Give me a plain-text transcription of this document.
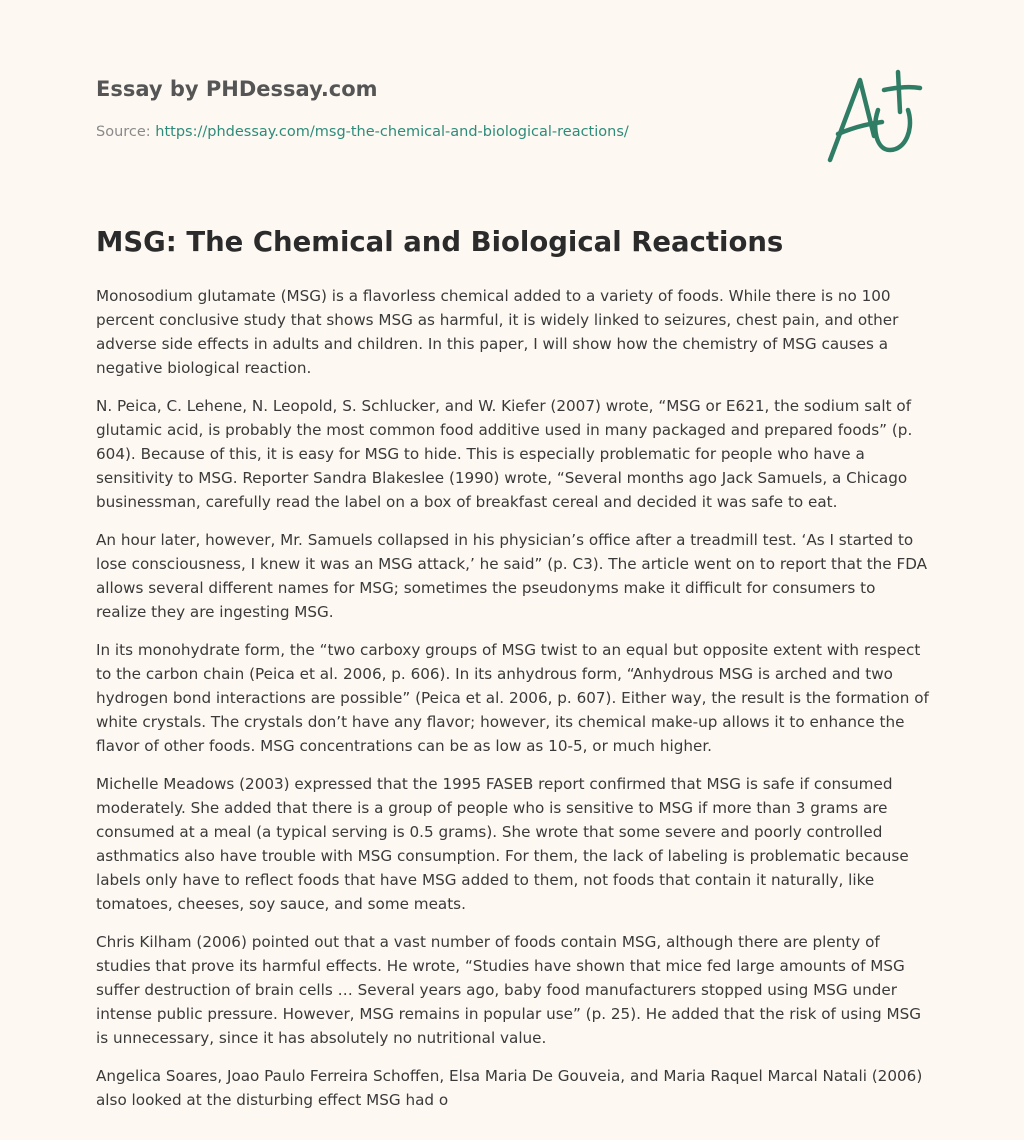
Essay by PHDessay.com
Source: https://phdessay.com/msg-the-chemical-and-biological-reactions/
MSG: The Chemical and Biological Reactions

Monosodium glutamate (MSG) is a flavorless chemical added to a variety of foods. While there is no 100 percent conclusive study that shows MSG as harmful, it is widely linked to seizures, chest pain, and other adverse side effects in adults and children. In this paper, I will show how the chemistry of MSG causes a negative biological reaction.

N. Peica, C. Lehene, N. Leopold, S. Schlucker, and W. Kiefer (2007) wrote, “MSG or E621, the sodium salt of glutamic acid, is probably the most common food additive used in many packaged and prepared foods” (p. 604). Because of this, it is easy for MSG to hide. This is especially problematic for people who have a sensitivity to MSG. Reporter Sandra Blakeslee (1990) wrote, “Several months ago Jack Samuels, a Chicago businessman, carefully read the label on a box of breakfast cereal and decided it was safe to eat.

An hour later, however, Mr. Samuels collapsed in his physician’s office after a treadmill test. ‘As I started to lose consciousness, I knew it was an MSG attack,’ he said” (p. C3). The article went on to report that the FDA allows several different names for MSG; sometimes the pseudonyms make it difficult for consumers to realize they are ingesting MSG.

In its monohydrate form, the “two carboxy groups of MSG twist to an equal but opposite extent with respect to the carbon chain (Peica et al. 2006, p. 606). In its anhydrous form, “Anhydrous MSG is arched and two hydrogen bond interactions are possible” (Peica et al. 2006, p. 607). Either way, the result is the formation of white crystals. The crystals don’t have any flavor; however, its chemical make-up allows it to enhance the flavor of other foods. MSG concentrations can be as low as 10-5, or much higher.

Michelle Meadows (2003) expressed that the 1995 FASEB report confirmed that MSG is safe if consumed moderately. She added that there is a group of people who is sensitive to MSG if more than 3 grams are consumed at a meal (a typical serving is 0.5 grams). She wrote that some severe and poorly controlled asthmatics also have trouble with MSG consumption. For them, the lack of labeling is problematic because labels only have to reflect foods that have MSG added to them, not foods that contain it naturally, like tomatoes, cheeses, soy sauce, and some meats.

Chris Kilham (2006) pointed out that a vast number of foods contain MSG, although there are plenty of studies that prove its harmful effects. He wrote, “Studies have shown that mice fed large amounts of MSG suffer destruction of brain cells … Several years ago, baby food manufacturers stopped using MSG under intense public pressure. However, MSG remains in popular use” (p. 25). He added that the risk of using MSG is unnecessary, since it has absolutely no nutritional value.

Angelica Soares, Joao Paulo Ferreira Schoffen, Elsa Maria De Gouveia, and Maria Raquel Marcal Natali (2006) also looked at the disturbing effect MSG had o
